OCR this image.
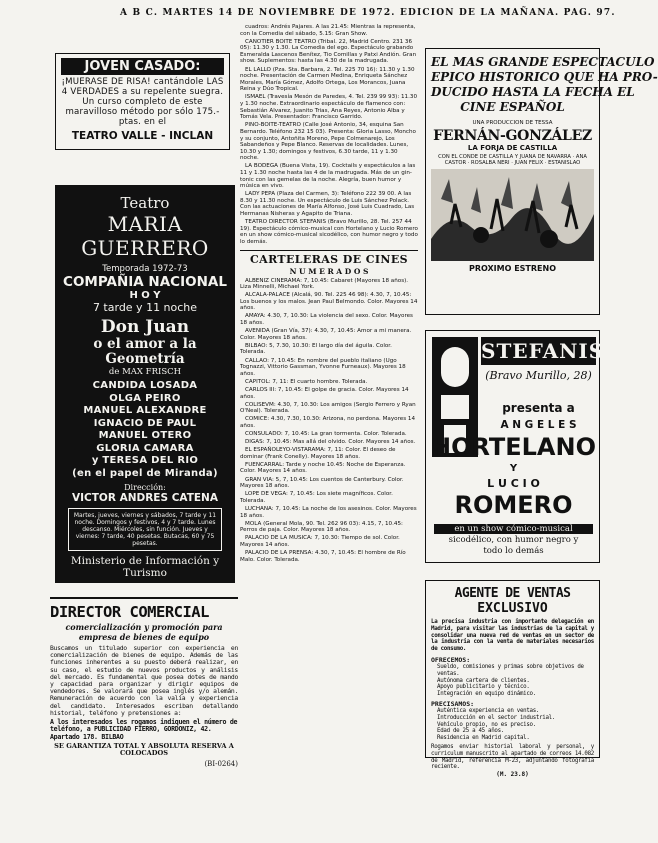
A B C. MARTES 14 DE NOVIEMBRE DE 1972. EDICION DE LA MAÑANA. PAG. 97.
JOVEN CASADO:
¡MUERASE DE RISA! cantándole LAS 4 VERDADES a su repelente suegra. Un curso completo de este maravilloso método por sólo 175.- ptas. en el
TEATRO VALLE - INCLAN
Teatro
MARIA GUERRERO
Temporada 1972-73
COMPAÑIA NACIONAL
H O Y
7 tarde y 11 noche
Don Juan
o el amor a la Geometría
de MAX FRISCH
CANDIDA LOSADA
OLGA PEIRO
MANUEL ALEXANDRE
IGNACIO DE PAUL
MANUEL OTERO
GLORIA CAMARA
y TERESA DEL RIO
(en el papel de Miranda)
Dirección:
VICTOR ANDRES CATENA
Martes, jueves, viernes y sábados, 7 tarde y 11 noche. Domingos y festivos, 4 y 7 tarde. Lunes descanso. Miércoles, sin función. Jueves y viernes: 7 tarde, 40 pesetas. Butacas, 60 y 75 pesetas.
Ministerio de Información y Turismo
DIRECTOR COMERCIAL
comercialización y promoción para empresa de bienes de equipo
Buscamos un titulado superior con experiencia en comercialización de bienes de equipo. Además de las funciones inherentes a su puesto deberá realizar, en su caso, el estudio de nuevos productos y análisis del mercado. Es fundamental que posea dotes de mando y capacidad para organizar y dirigir equipos de vendedores. Se valorará que posea inglés y/o alemán. Remuneración de acuerdo con la valía y experiencia del candidato. Interesados escriban detallando historial, teléfono y pretensiones a:
A los interesados les rogamos indiquen el número de teléfono, a PUBLICIDAD FIERRO, GORDONIZ, 42. Apartado 178. BILBAO
SE GARANTIZA TOTAL Y ABSOLUTA RESERVA A COLOCADOS
(BI-0264)
cuadros: Andrés Pajares. A las 21.45: Mientras la representa, con la Comedia del sábado, 5.15: Gran Show.
CANOTIER BOITE TEATRO (Tribal. 22, Madrid Centro. 231 36 05): 11.30 y 1.30. La Comedia del ego. Espectáculo grabando Esmeralda Lascenos Benítez, Tio Comillas y Patxi Andión. Gran show. Suplementos: hasta las 4.30 de la madrugada.
EL LALLO (Pza. Sta. Barbara, 2. Tel. 225 70 16): 11.30 y 1.30 noche. Presentación de Carmen Medina, Enriqueta Sánchez Morales, María Gómez, Adolfo Ortega, Los Morancos, Juana Reina y Dúo Tropical.
ISMAEL (Travesía Mesón de Paredes, 4. Tel. 239 99 93): 11.30 y 1.30 noche. Extraordinario espectáculo de flamenco con: Sebastián Alvarez, Juanito Trias, Ana Reyes, Antonio Alba y Tomás Vela. Presentador: Francisco Garrido.
PINO-BOITE-TEATRO (Calle José Antonio, 34, esquina San Bernardo. Teléfono 232 15 03). Presenta: Gloria Lasso, Moncho y su conjunto, Antoñita Moreno, Pepe Colmenarejo, Los Sabandeños y Pepe Blanco. Reservas de localidades. Lunes, 10.30 y 1.30; domingos y festivos, 6.30 tarde, 11 y 1.30 noche.
LA BODEGA (Buena Vista, 19). Cocktails y espectáculos a las 11 y 1.30 noche hasta las 4 de la madrugada. Más de un gin-tonic con las gemelas de la noche. Alegría, buen humor y música en vivo.
LADY PEPA (Plaza del Carmen, 3): Teléfono 222 39 00. A las 8.30 y 11.30 noche. Un espectáculo de Luis Sánchez Polack. Con las actuaciones de María Alfonso, José Luis Cuadrado, Las Hermanas Nisheras y Agapito de Triana.
TEATRO DIRECTOR STEFANIS (Bravo Murillo, 28. Tel. 257 44 19). Espectáculo cómico-musical con Hortelano y Lucio Romero en un show cómico-musical sicodélico, con humor negro y todo lo demás.
CARTELERAS DE CINES
N U M E R A D O S
ALBENIZ CINERAMA: 7, 10.45: Cabaret (Mayores 18 años). Liza Minnelli, Michael York.
ALCALA-PALACE (Alcalá, 90. Tel. 225 46 98): 4.30, 7, 10.45: Los buenos y los malos. Jean Paul Belmondo. Color. Mayores 14 años.
AMAYA: 4.30, 7, 10.30: La violencia del sexo. Color. Mayores 18 años.
AVENIDA (Gran Vía, 37): 4.30, 7, 10.45: Amor a mi manera. Color. Mayores 18 años.
BILBAO: 5, 7.30, 10.30: El largo día del águila. Color. Tolerada.
CALLAO: 7, 10.45: En nombre del pueblo italiano (Ugo Tognazzi, Vittorio Gassman, Yvonne Furneaux). Mayores 18 años.
CAPITOL: 7, 11: El cuarto hombre. Tolerada.
CARLOS III: 7, 10.45: El golpe de gracia. Color. Mayores 14 años.
COLISEVM: 4.30, 7, 10.30: Los amigos (Sergio Ferrero y Ryan O'Neal). Tolerada.
COMICE: 4.30, 7.30, 10.30: Arizona, no perdona. Mayores 14 años.
CONSULADO: 7, 10.45: La gran tormenta. Color. Tolerada.
DIGAS: 7, 10.45: Mas allá del olvido. Color. Mayores 14 años.
EL ESPAÑOLEYO-VISTARAMA: 7, 11: Color. El deseo de dominar (Frank Conelly). Mayores 18 años.
FUENCARRAL: Tarde y noche 10.45: Noche de Esperanza. Color. Mayores 14 años.
GRAN VIA: 5, 7, 10.45: Los cuentos de Canterbury. Color. Mayores 18 años.
LOPE DE VEGA: 7, 10.45: Los siete magníficos. Color. Tolerada.
LUCHANA: 7, 10.45: La noche de los asesinos. Color. Mayores 18 años.
MOLA (General Mola, 90. Tel. 262 96 03): 4.15, 7, 10.45: Perros de paja. Color. Mayores 18 años.
PALACIO DE LA MUSICA: 7, 10.30: Tiempo de sol. Color. Mayores 14 años.
PALACIO DE LA PRENSA: 4.30, 7, 10.45: El hombre de Río Malo. Color. Tolerada.
EL MAS GRANDE ESPECTACULO
EPICO HISTORICO QUE HA PRO-
DUCIDO HASTA LA FECHA EL
CINE ESPAÑOL
UNA PRODUCCION DE TESSA
FERNÁN-GONZÁLEZ
LA FORJA DE CASTILLA
CON EL CONDE DE CASTILLA Y JUANA DE NAVARRA · ANA CASTOR · ROSALBA NERI · JUAN FELIX · ESTANISLAO
PROXIMO ESTRENO
STEFANIS
(Bravo Murillo, 28)
presenta a
A N G E L E S
HORTELANO
Y
L U C I O
ROMERO
en un show cómico-musical
sicodélico, con humor negro y
todo lo demás
AGENTE DE VENTAS
EXCLUSIVO
La precisa industria con importante delegación en Madrid, para visitar las industrias de la capital y consolidar una nueva red de ventas en un sector de la industria con la venta de materiales necesarios de consumo.
OFRECEMOS:
Sueldo, comisiones y primas sobre objetivos de ventas.
Autónoma cartera de clientes.
Apoyo publicitario y técnico.
Integración en equipo dinámico.
PRECISAMOS:
Auténtica experiencia en ventas.
Introducción en el sector industrial.
Vehículo propio, no es preciso.
Edad de 25 a 45 años.
Residencia en Madrid capital.
Rogamos enviar historial laboral y personal, y curriculum manuscrito al apartado de correos 14.082 de Madrid, referencia M-23, adjuntando fotografía reciente.
(M. 23.8)
